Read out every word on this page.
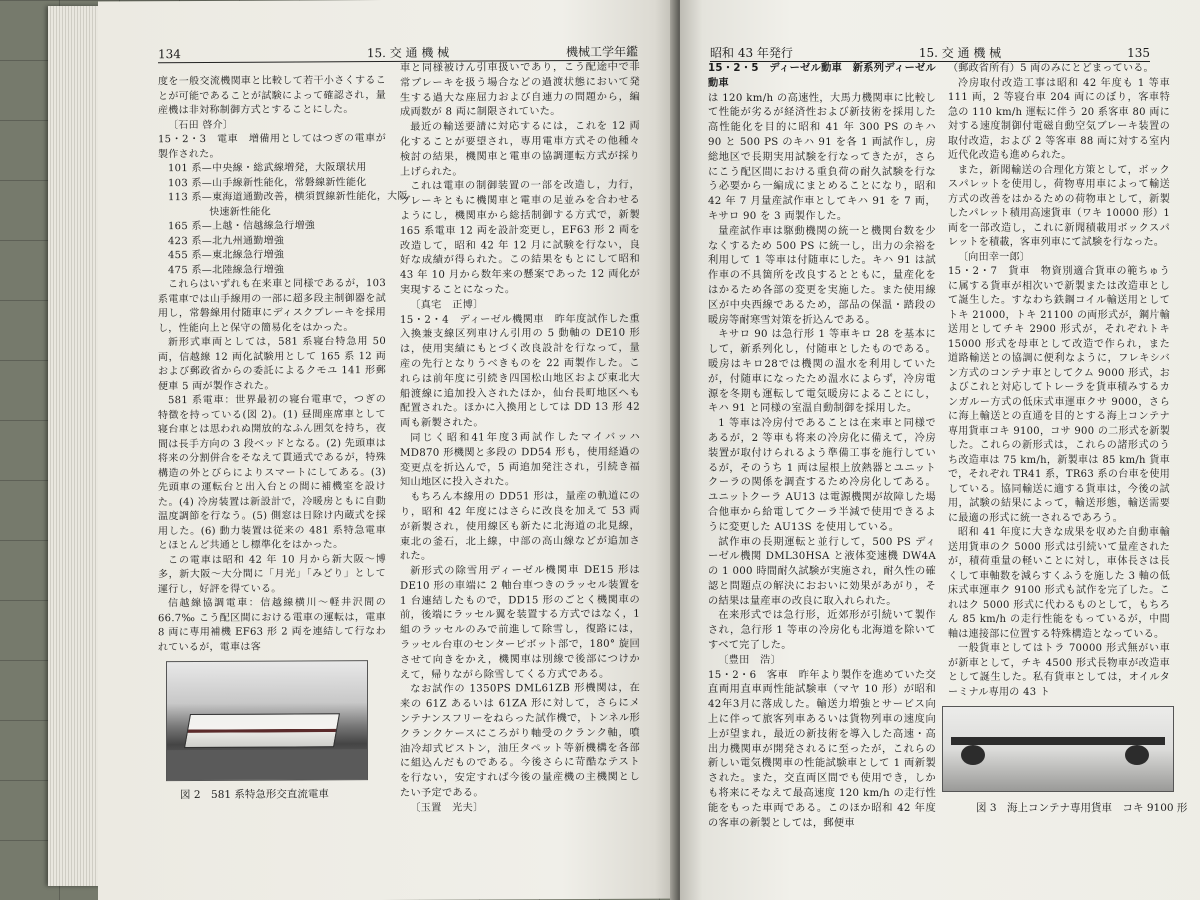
134	15. 交 通 機 械	機械工学年鑑

度を一般交流機関車と比較して若干小さくすることが可能であることが試験によって確認され，量産機は非対称制御方式とすることにした。

〔石田 啓介〕

15・2・3　電車　増備用としてはつぎの電車が製作された。

101 系—中央線・総武線増発，大阪環状用
103 系—山手線新性能化，常磐線新性能化
113 系—東海道通勤改善，横須賀線新性能化，大阪
　　　　快速新性能化
165 系—上越・信越線急行増強
423 系—北九州通勤増強
455 系—東北線急行増強
475 系—北陸線急行増強

これらはいずれも在来車と同様であるが，103 系電車では山手線用の一部に超多段主制御器を試用し，常磐線用付随車にディスクブレーキを採用し，性能向上と保守の簡易化をはかった。

新形式車両としては，581 系寝台特急用 50 両，信越線 12 両化試験用として 165 系 12 両および郵政省からの委託によるクモユ 141 形郵便車 5 両が製作された。

581 系電車：世界最初の寝台電車で，つぎの特徴を持っている(図 2)。(1) 昼間座席車として寝台車とは思われぬ開放的なふん囲気を持ち，夜間は長手方向の 3 段ベッドとなる。(2) 先頭車は将来の分割併合をそなえて貫通式であるが，特殊構造の外とびらによりスマートにしてある。(3) 先頭車の運転台と出入台との間に補機室を設けた。(4) 冷房装置は新設計で，冷暖房ともに自動温度調節を行なう。(5) 側窓は日除け内蔵式を採用した。(6) 動力装置は従来の 481 系特急電車とほとんど共通とし標準化をはかった。

この電車は昭和 42 年 10 月から新大阪〜博多，新大阪〜大分間に「月光」「みどり」として運行し，好評を得ている。

信越線協調電車：信越線横川〜軽井沢間の 66.7‰ こう配区間における電車の運転は，電車 8 両に専用補機 EF63 形 2 両を連結して行なわれているが，電車は客

図 2　581 系特急形交直流電車

車と同様被けん引車扱いであり，こう配途中で非常ブレーキを扱う場合などの過渡状態において発生する過大な座屈力および自連力の問題から，編成両数が 8 両に制限されていた。

最近の輸送要請に対応するには，これを 12 両化することが要望され，専用電車方式その他種々検討の結果，機関車と電車の協調運転方式が採り上げられた。

これは電車の制御装置の一部を改造し，力行，ブレーキともに機関車と電車の足並みを合わせるようにし，機関車から総括制御する方式で，新製 165 系電車 12 両を設計変更し，EF63 形 2 両を改造して，昭和 42 年 12 月に試験を行ない，良好な成績が得られた。この結果をもとにして昭和 43 年 10 月から数年来の懸案であった 12 両化が実現することになった。

〔真宅　正博〕

15・2・4　ディーゼル機関車　昨年度試作した重入換兼支線区列車けん引用の 5 動軸の DE10 形は，使用実績にもとづく改良設計を行なって，量産の先行となりうべきものを 22 両製作した。これらは前年度に引続き四国松山地区および東北大船渡線に追加投入されたほか，仙台長町地区へも配置された。ほかに入換用としては DD 13 形 42 両も新製された。

同じく昭和41年度3両試作したマイバッハ MD870 形機関と多段の DD54 形も，使用経過の変更点を折込んで，5 両追加発注され，引続き福知山地区に投入された。

もちろん本線用の DD51 形は，量産の軌道にのり，昭和 42 年度にはさらに改良を加えて 53 両が新製され，使用線区も新たに北海道の北見線，東北の釜石，北上線，中部の高山線などが追加された。

新形式の除雪用ディーゼル機関車 DE15 形は DE10 形の車端に 2 軸台車つきのラッセル装置を 1 台連結したもので，DD15 形のごとく機関車の前，後端にラッセル翼を装置する方式ではなく，1 組のラッセルのみで前進して除雪し，復路には，ラッセル台車のセンターピボット部で，180° 旋回させて向きをかえ，機関車は別線で後部につけかえて，帰りながら除雪してくる方式である。

なお試作の 1350PS DML61ZB 形機関は，在来の 61Z あるいは 61ZA 形に対して，さらにメンテナンスフリーをねらった試作機で，トンネル形クランクケースにころがり軸受のクランク軸，噴油冷却式ピストン，油圧タペット等新機構を各部に組込んだものである。今後さらに苛酷なテストを行ない，安定すれば今後の量産機の主機関としたい予定である。

〔玉置　光夫〕

昭和 43 年発行	15. 交 通 機 械	135

15・2・5　ディーゼル動車　新系列ディーゼル動車

は 120 km/h の高速性，大馬力機関車に比較して性能が劣るが経済性および新技術を採用した高性能化を目的に昭和 41 年 300 PS のキハ 90 と 500 PS のキハ 91 を各 1 両試作し，房総地区で長期実用試験を行なってきたが，さらにこう配区間における重負荷の耐久試験を行なう必要から一編成にまとめることになり，昭和 42 年 7 月量産試作車としてキハ 91 を 7 両，キサロ 90 を 3 両製作した。

量産試作車は駆動機関の統一と機関台数を少なくするため 500 PS に統一し，出力の余裕を利用して 1 等車は付随車にした。キハ 91 は試作車の不具箇所を改良するとともに，量産化をはかるため各部の変更を実施した。また使用線区が中央西線であるため，部品の保温・踏段の暖房等耐寒雪対策を折込んである。

キサロ 90 は急行形 1 等車キロ 28 を基本にして，新系列化し，付随車としたものである。暖房はキロ28では機関の温水を利用していたが，付随車になったため温水によらず，冷房電源を冬期も運転して電気暖房によることにし，キハ 91 と同様の室温自動制御を採用した。

1 等車は冷房付であることは在来車と同様であるが，2 等車も将来の冷房化に備えて，冷房装置が取付けられるよう準備工事を施行しているが，そのうち 1 両は屋根上放熱器とユニットクーラの関係を調査するため冷房化してある。ユニットクーラ AU13 は電源機関が故障した場合他車から給電してクーラ半減で使用できるように変更した AU13S を使用している。

試作車の長期運転と並行して，500 PS ディーゼル機関 DML30HSA と液体変速機 DW4A の 1 000 時間耐久試験が実施され，耐久性の確認と問題点の解決におおいに効果があがり，その結果は量産車の改良に取入れられた。

在来形式では急行形，近郊形が引続いて製作され，急行形 1 等車の冷房化も北海道を除いてすべて完了した。

〔豊田　浩〕

15・2・6　客車　昨年より製作を進めていた交直両用直車両性能試験車（マヤ 10 形）が昭和 42年3月に落成した。輸送力増強とサービス向上に伴って旅客列車あるいは貨物列車の速度向上が望まれ，最近の新技術を導入した高速・高出力機関車が開発されるに至ったが，これらの新しい電気機関車の性能試験車として 1 両新製された。また，交直両区間でも使用でき，しかも将来にそなえて最高速度 120 km/h の走行性能をもった車両である。このほか昭和 42 年度の客車の新製としては，郵便車

（郵政省所有）5 両のみにとどまっている。

冷房取付改造工事は昭和 42 年度も 1 等車 111 両，2 等寝台車 204 両にのぼり，客車特急の 110 km/h 運転に伴う 20 系客車 80 両に対する速度制御付電磁自動空気ブレーキ装置の取付改造，および 2 等客車 88 両に対する室内近代化改造も進められた。

また，新聞輸送の合理化方策として，ボックスパレットを使用し，荷物専用車によって輸送方式の改善をはかるための荷物車として，新製したパレット積用高速貨車（ワキ 10000 形）1 両を一部改造し，これに新聞積載用ボックスパレットを積載，客車列車にて試験を行なった。

〔向田幸一郎〕

15・2・7　貨車　物資別適合貨車の範ちゅうに属する貨車が相次いで新製または改造車として誕生した。すなわち鉄鋼コイル輸送用としてトキ 21000，トキ 21100 の両形式が，鋼片輸送用としてチキ 2900 形式が，それぞれトキ15000 形式を母車として改造で作られ，また道路輸送との協調に便利なように，フレキシバン方式のコンテナ車としてクム 9000 形式，およびこれと対応してトレーラを貨車積みするカンガルー方式の低床式車運車クサ 9000，さらに海上輸送との直通を目的とする海上コンテナ専用貨車コキ 9100，コサ 900 の二形式を新製した。これらの新形式は，これらの諸形式のうち改造車は 75 km/h，新製車は 85 km/h 貨車で，それぞれ TR41 系，TR63 系の台車を使用している。協同輸送に適する貨車は，今後の試用，試験の結果によって，輸送形態，輸送需要に最適の形式に統一されるであろう。

昭和 41 年度に大きな成果を収めた自動車輸送用貨車のク 5000 形式は引続いて量産されたが，積荷重量の軽いことに対し，車体長さは長くして車軸数を減らすくふうを施した 3 軸の低床式車運車ク 9100 形式も試作を完了した。これはク 5000 形式に代わるものとして，もちろん 85 km/h の走行性能をもっているが，中間軸は連接部に位置する特殊構造となっている。

一般貨車としてはトラ 70000 形式無がい車が新車として，チキ 4500 形式長物車が改造車として誕生した。私有貨車としては，オイルターミナル専用の 43 ト

図 3　海上コンテナ専用貨車　コキ 9100 形
